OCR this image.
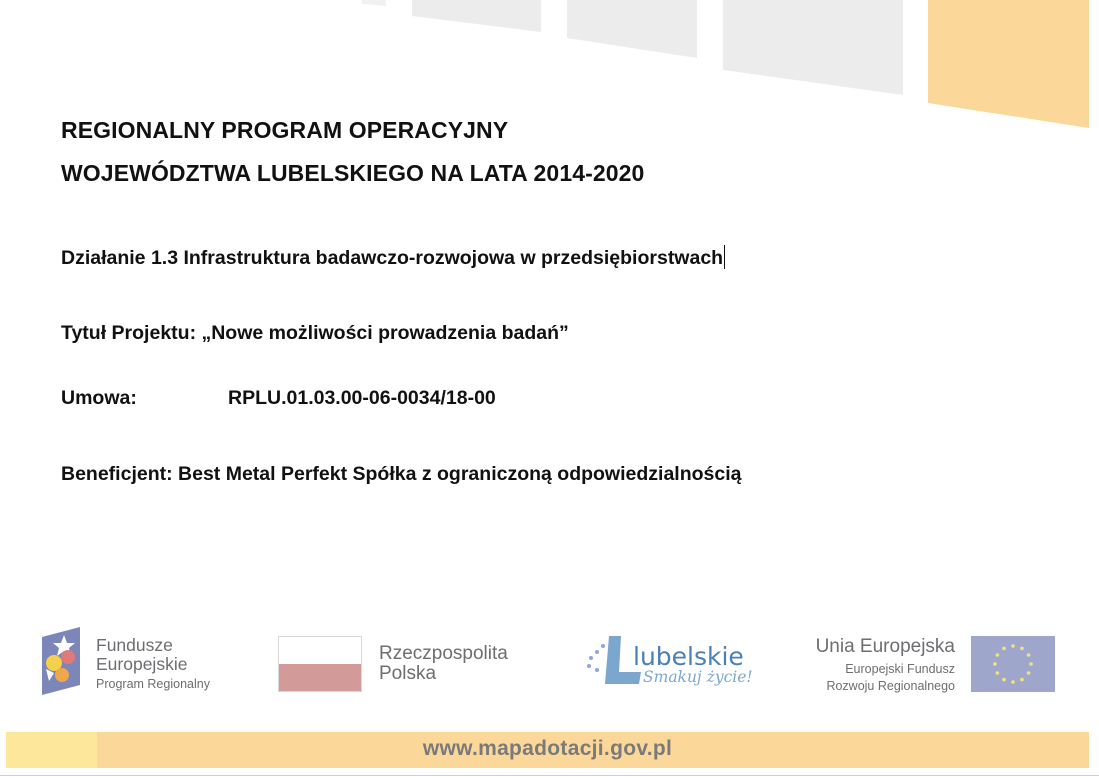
REGIONALNY PROGRAM OPERACYJNY
WOJEWÓDZTWA LUBELSKIEGO NA LATA 2014-2020
Działanie 1.3 Infrastruktura badawczo-rozwojowa w przedsiębiorstwach
Tytuł Projektu: „Nowe możliwości prowadzenia badań”
Umowa:	RPLU.01.03.00-06-0034/18-00
Beneficjent: Best Metal Perfekt Spółka z ograniczoną odpowiedzialnością
Fundusze
Europejskie
Program Regionalny
Rzeczpospolita
Polska
lubelskie
Smakuj życie!
Unia Europejska
Europejski Fundusz
Rozwoju Regionalnego
www.mapadotacji.gov.pl
